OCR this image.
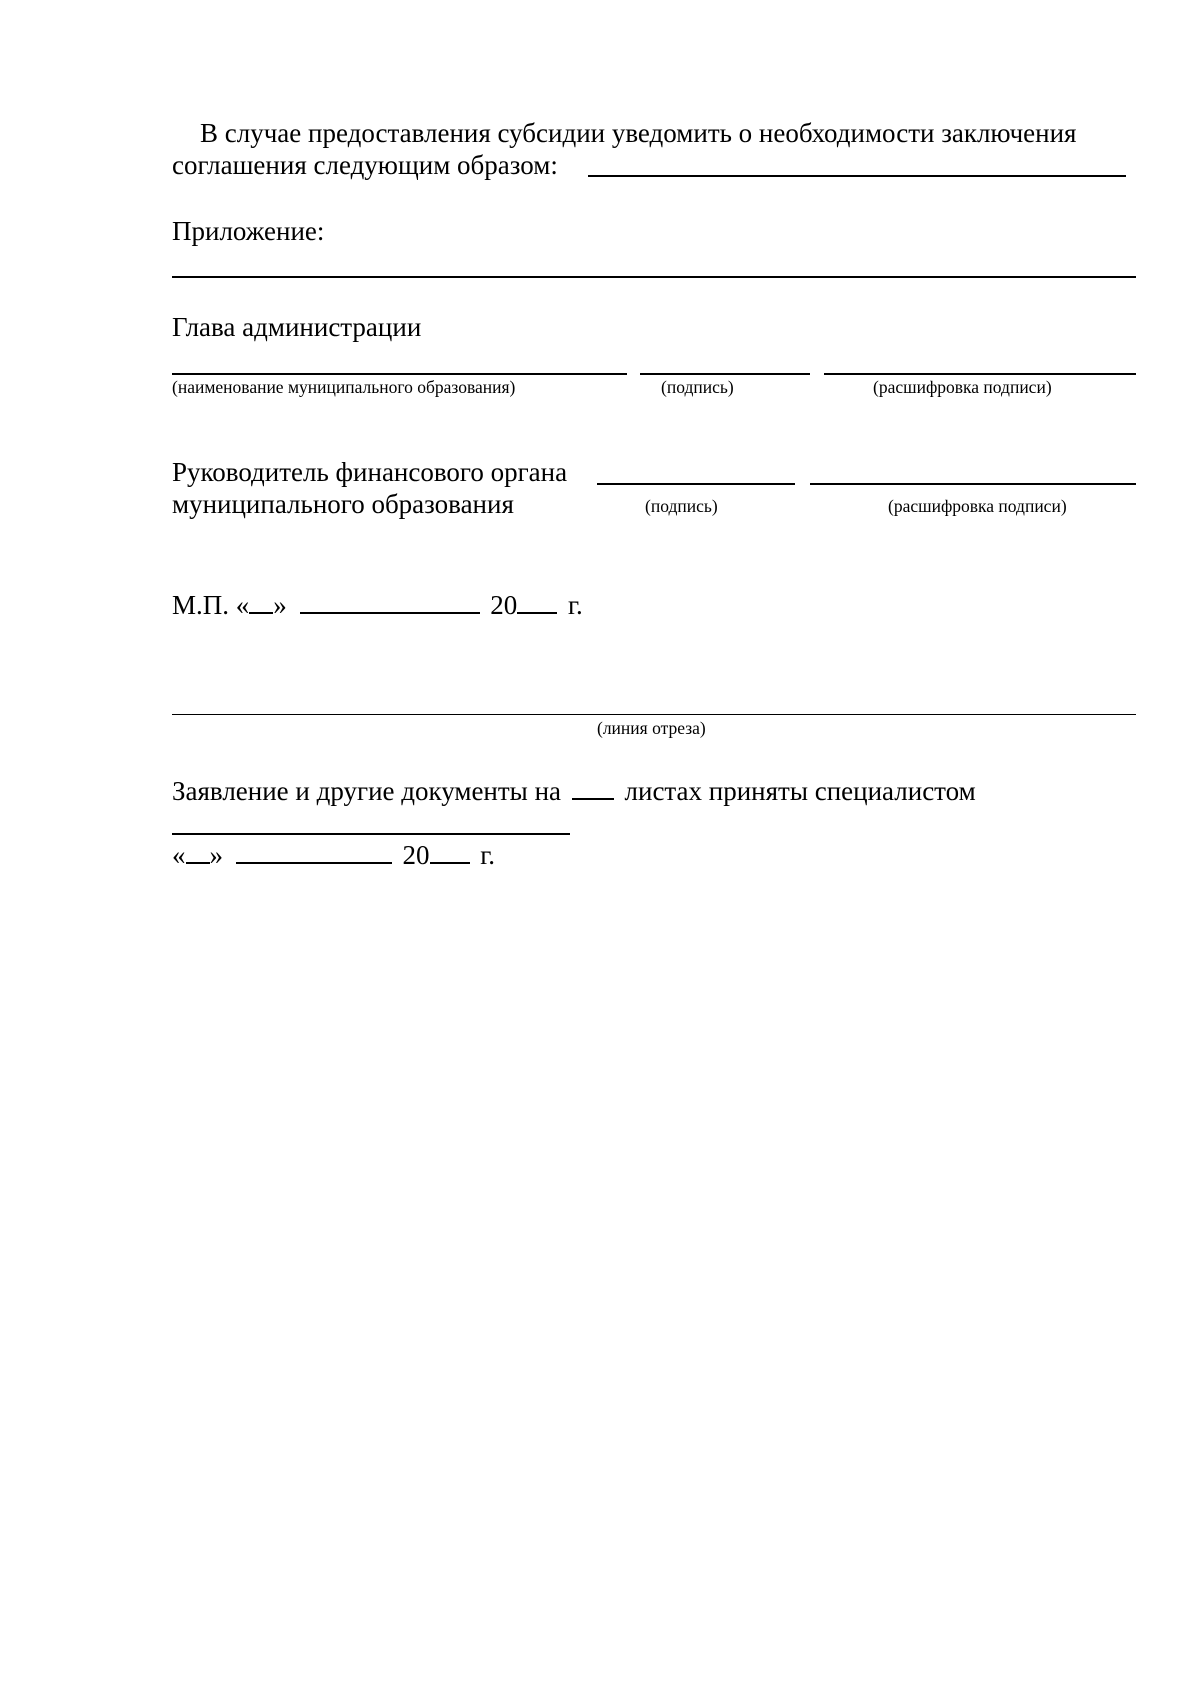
В случае предоставления субсидии уведомить о необходимости заключения
соглашения следующим образом:
Приложение:
Глава администрации
(наименование муниципального образования)	(подпись)	(расшифровка подписи)
Руководитель финансового органа
муниципального образования	(подпись)	(расшифровка подписи)
М.П. « »	20 г.
(линия отреза)
Заявление и другие документы на листах приняты специалистом
« »	20 г.
